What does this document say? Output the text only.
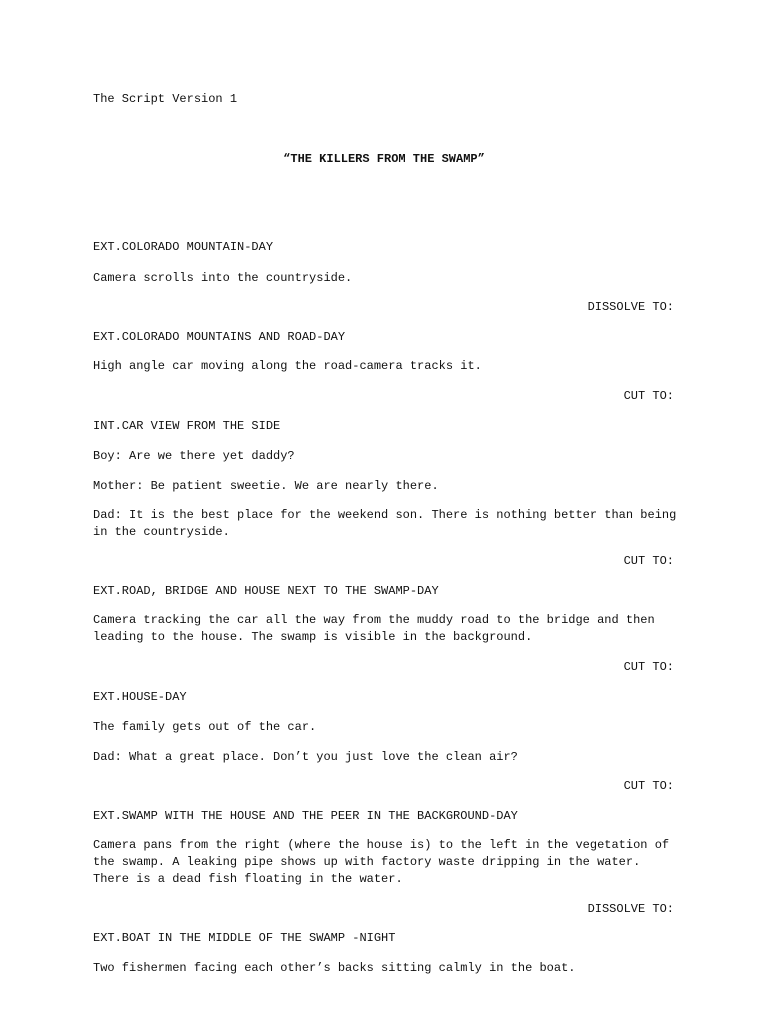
The Script Version 1
“THE KILLERS FROM THE SWAMP”
EXT.COLORADO MOUNTAIN-DAY
Camera scrolls into the countryside.
DISSOLVE TO:
EXT.COLORADO MOUNTAINS AND ROAD-DAY
High angle car moving along the road-camera tracks it.
CUT TO:
INT.CAR VIEW FROM THE SIDE
Boy: Are we there yet daddy?
Mother: Be patient sweetie. We are nearly there.
Dad: It is the best place for the weekend son. There is nothing better than being in the countryside.
CUT TO:
EXT.ROAD, BRIDGE AND HOUSE NEXT TO THE SWAMP-DAY
Camera tracking the car all the way from the muddy road to the bridge and then leading to the house. The swamp is visible in the background.
CUT TO:
EXT.HOUSE-DAY
The family gets out of the car.
Dad: What a great place. Don’t you just love the clean air?
CUT TO:
EXT.SWAMP WITH THE HOUSE AND THE PEER IN THE BACKGROUND-DAY
Camera pans from the right (where the house is) to the left in the vegetation of the swamp. A leaking pipe shows up with factory waste dripping in the water. There is a dead fish floating in the water.
DISSOLVE TO:
EXT.BOAT IN THE MIDDLE OF THE SWAMP -NIGHT
Two fishermen facing each other’s backs sitting calmly in the boat.
